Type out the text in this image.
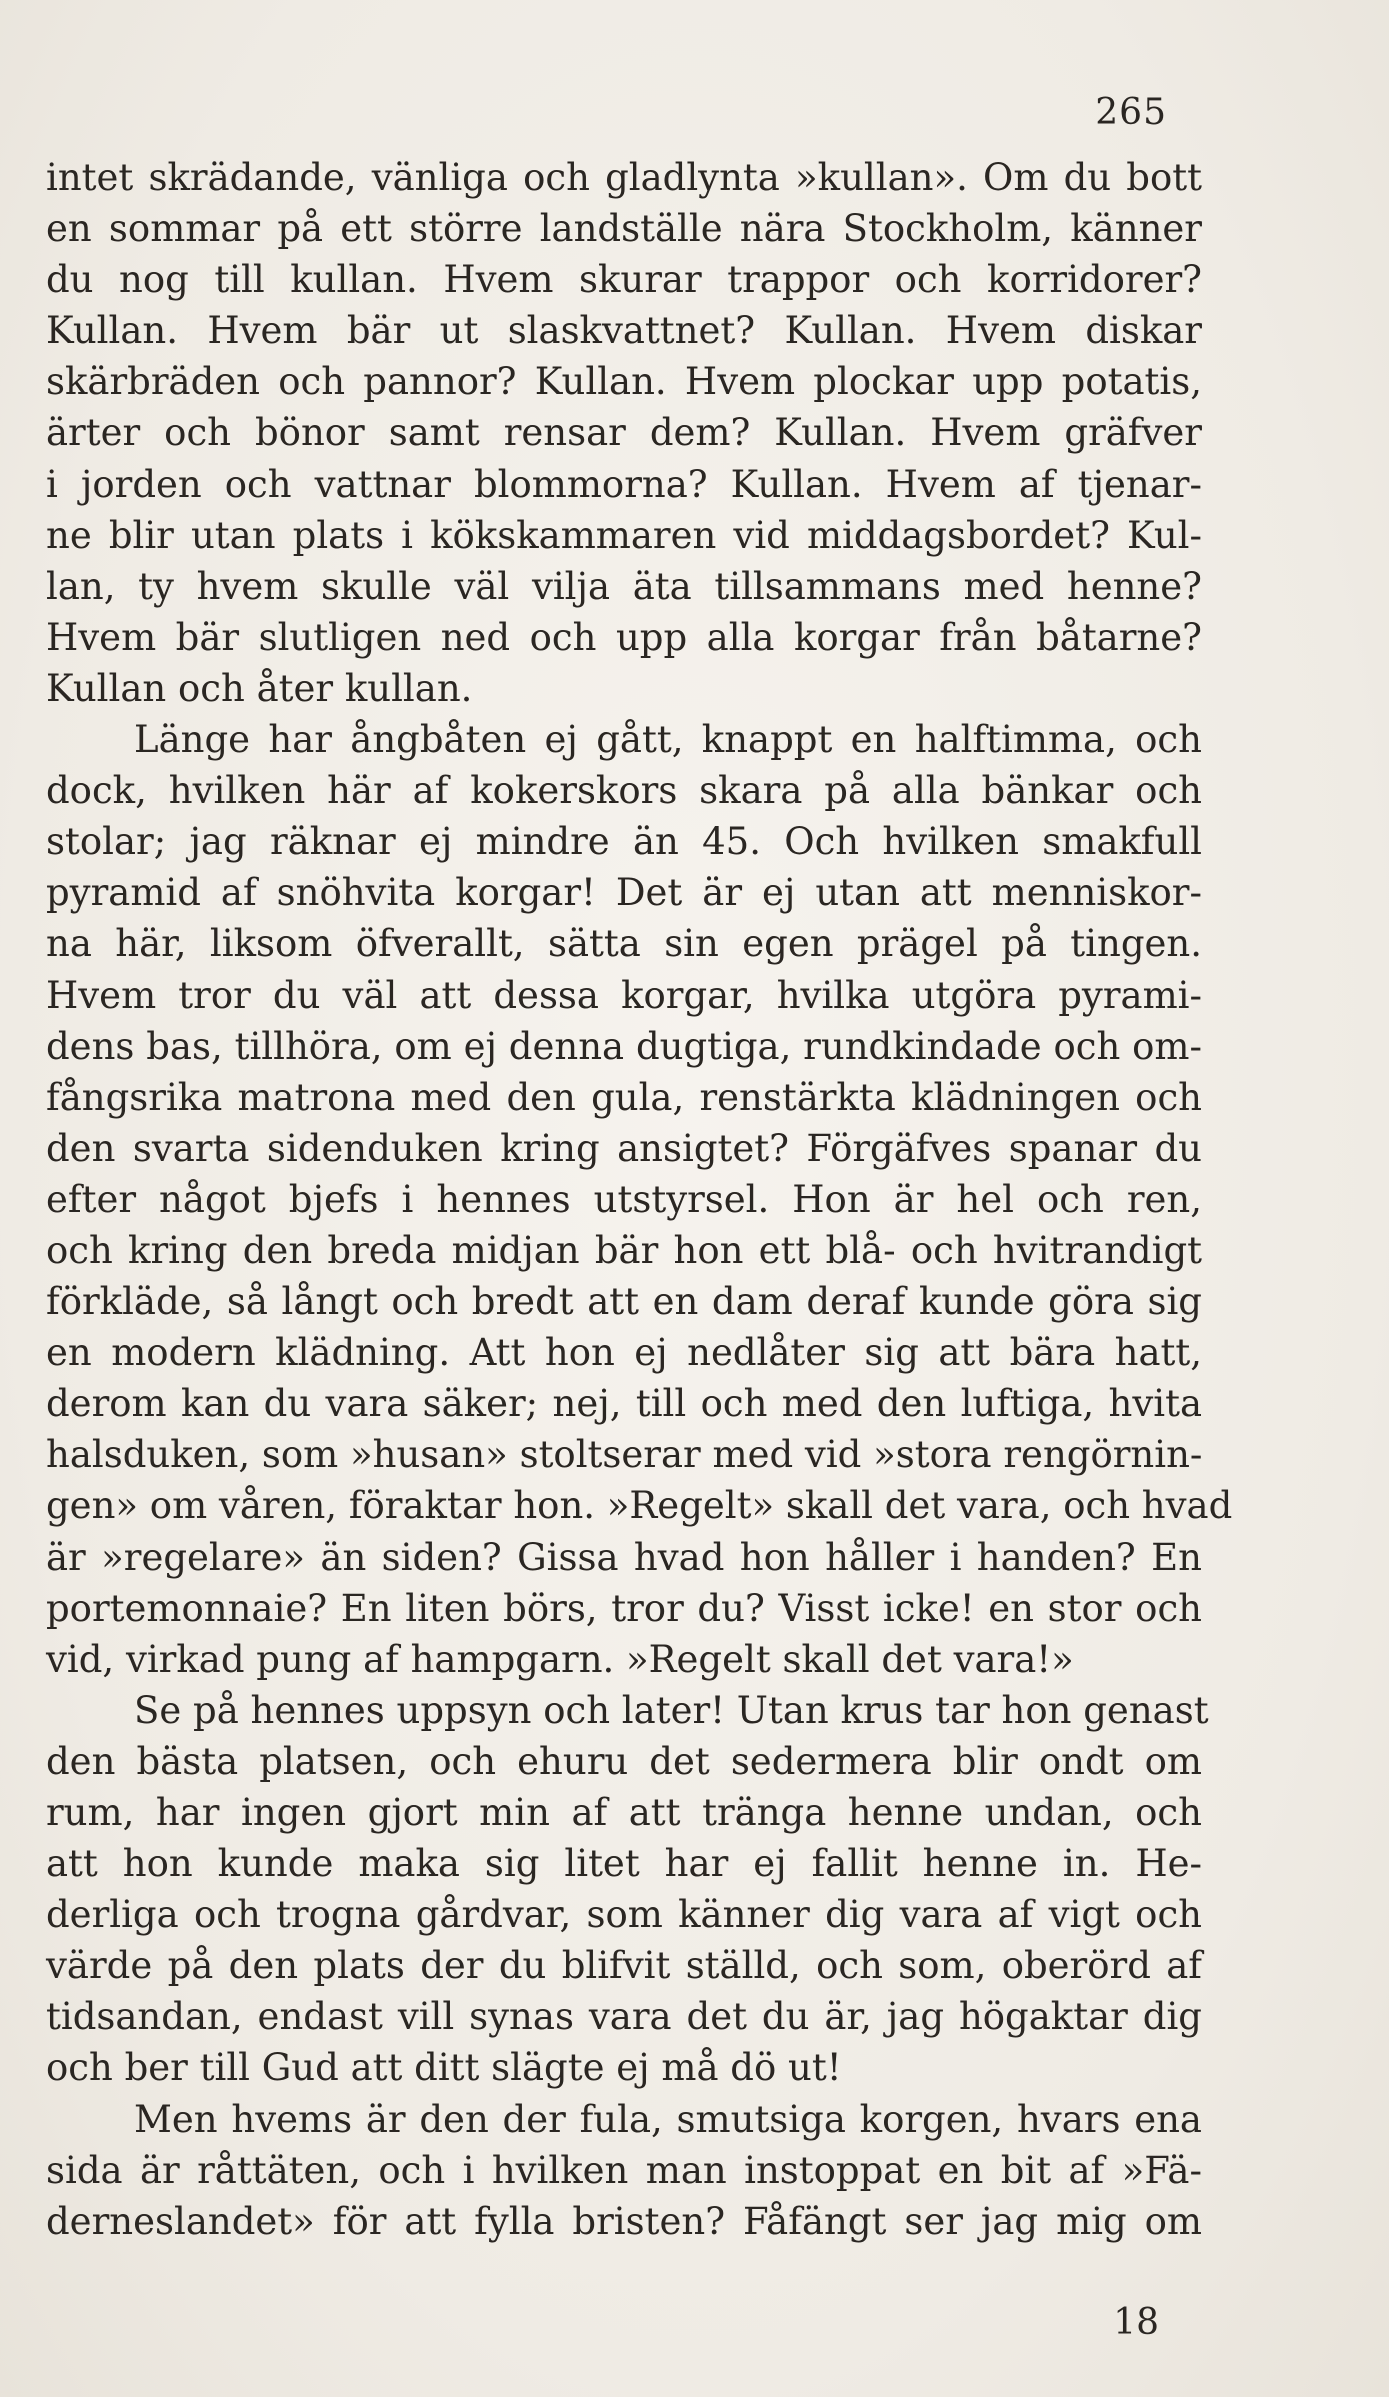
265
intet skrädande, vänliga och gladlynta »kullan». Om du bott
en sommar på ett större landställe nära Stockholm, känner
du nog till kullan. Hvem skurar trappor och korridorer?
Kullan. Hvem bär ut slaskvattnet? Kullan. Hvem diskar
skärbräden och pannor? Kullan. Hvem plockar upp potatis,
ärter och bönor samt rensar dem? Kullan. Hvem gräfver
i jorden och vattnar blommorna? Kullan. Hvem af tjenar-
ne blir utan plats i kökskammaren vid middagsbordet? Kul-
lan, ty hvem skulle väl vilja äta tillsammans med henne?
Hvem bär slutligen ned och upp alla korgar från båtarne?
Kullan och åter kullan.
Länge har ångbåten ej gått, knappt en halftimma, och
dock, hvilken här af kokerskors skara på alla bänkar och
stolar; jag räknar ej mindre än 45. Och hvilken smakfull
pyramid af snöhvita korgar! Det är ej utan att menniskor-
na här, liksom öfverallt, sätta sin egen prägel på tingen.
Hvem tror du väl att dessa korgar, hvilka utgöra pyrami-
dens bas, tillhöra, om ej denna dugtiga, rundkindade och om-
fångsrika matrona med den gula, renstärkta klädningen och
den svarta sidenduken kring ansigtet? Förgäfves spanar du
efter något bjefs i hennes utstyrsel. Hon är hel och ren,
och kring den breda midjan bär hon ett blå- och hvitrandigt
förkläde, så långt och bredt att en dam deraf kunde göra sig
en modern klädning. Att hon ej nedlåter sig att bära hatt,
derom kan du vara säker; nej, till och med den luftiga, hvita
halsduken, som »husan» stoltserar med vid »stora rengörnin-
gen» om våren, föraktar hon. »Regelt» skall det vara, och hvad
är »regelare» än siden? Gissa hvad hon håller i handen? En
portemonnaie? En liten börs, tror du? Visst icke! en stor och
vid, virkad pung af hampgarn. »Regelt skall det vara!»
Se på hennes uppsyn och later! Utan krus tar hon genast
den bästa platsen, och ehuru det sedermera blir ondt om
rum, har ingen gjort min af att tränga henne undan, och
att hon kunde maka sig litet har ej fallit henne in. He-
derliga och trogna gårdvar, som känner dig vara af vigt och
värde på den plats der du blifvit ställd, och som, oberörd af
tidsandan, endast vill synas vara det du är, jag högaktar dig
och ber till Gud att ditt slägte ej må dö ut!
Men hvems är den der fula, smutsiga korgen, hvars ena
sida är råttäten, och i hvilken man instoppat en bit af »Fä-
derneslandet» för att fylla bristen? Fåfängt ser jag mig om
18
